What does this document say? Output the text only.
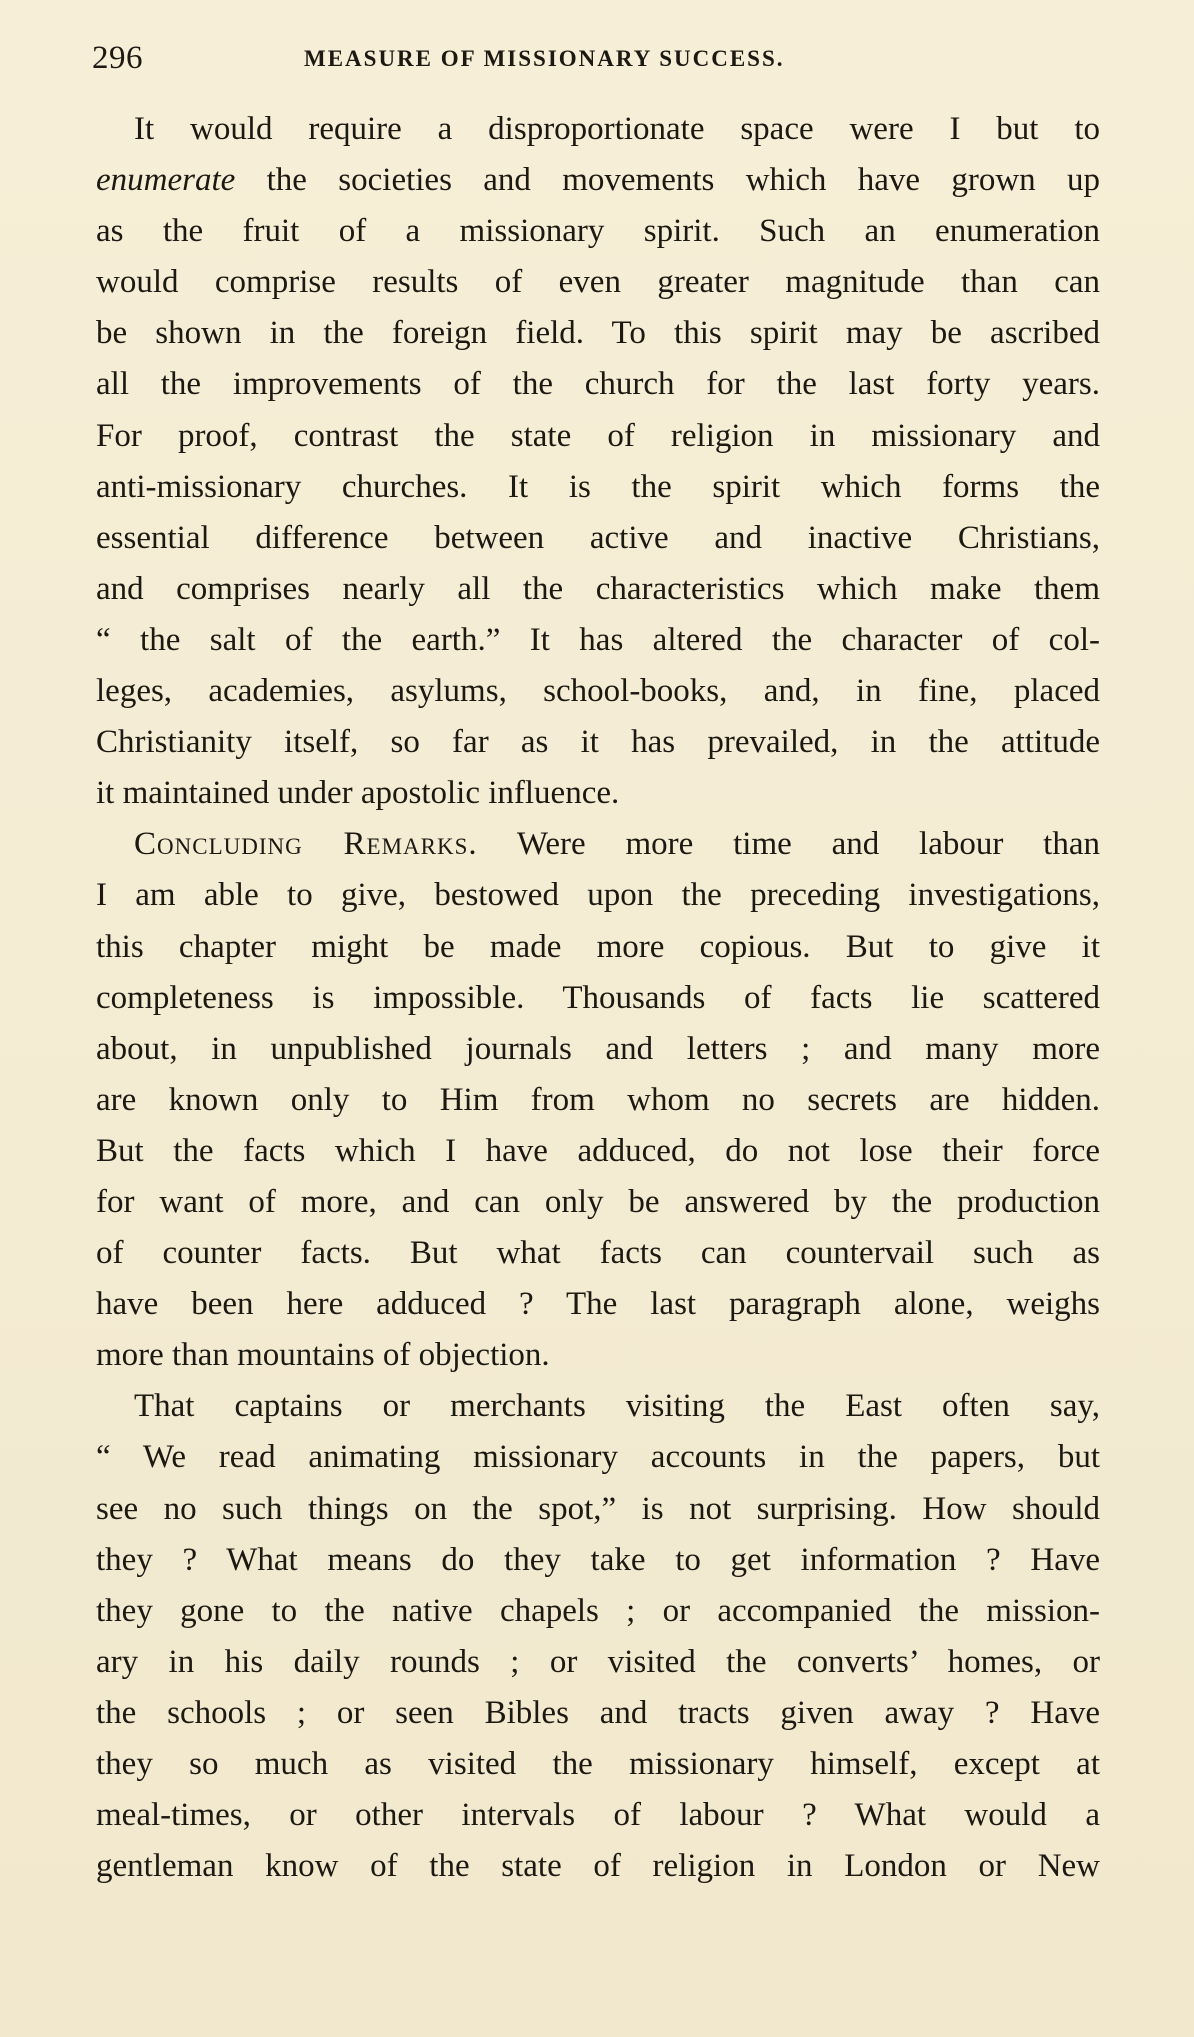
296	MEASURE OF MISSIONARY SUCCESS.
It would require a disproportionate space were I but to
enumerate the societies and movements which have grown up
as the fruit of a missionary spirit. Such an enumeration
would comprise results of even greater magnitude than can
be shown in the foreign field. To this spirit may be ascribed
all the improvements of the church for the last forty years.
For proof, contrast the state of religion in missionary and
anti-missionary churches. It is the spirit which forms the
essential difference between active and inactive Christians,
and comprises nearly all the characteristics which make them
“ the salt of the earth.” It has altered the character of col-
leges, academies, asylums, school-books, and, in fine, placed
Christianity itself, so far as it has prevailed, in the attitude
it maintained under apostolic influence.
Concluding Remarks. Were more time and labour than
I am able to give, bestowed upon the preceding investigations,
this chapter might be made more copious. But to give it
completeness is impossible. Thousands of facts lie scattered
about, in unpublished journals and letters ; and many more
are known only to Him from whom no secrets are hidden.
But the facts which I have adduced, do not lose their force
for want of more, and can only be answered by the production
of counter facts. But what facts can countervail such as
have been here adduced ? The last paragraph alone, weighs
more than mountains of objection.
That captains or merchants visiting the East often say,
“ We read animating missionary accounts in the papers, but
see no such things on the spot,” is not surprising. How should
they ? What means do they take to get information ? Have
they gone to the native chapels ; or accompanied the mission-
ary in his daily rounds ; or visited the converts’ homes, or
the schools ; or seen Bibles and tracts given away ? Have
they so much as visited the missionary himself, except at
meal-times, or other intervals of labour ? What would a
gentleman know of the state of religion in London or New
